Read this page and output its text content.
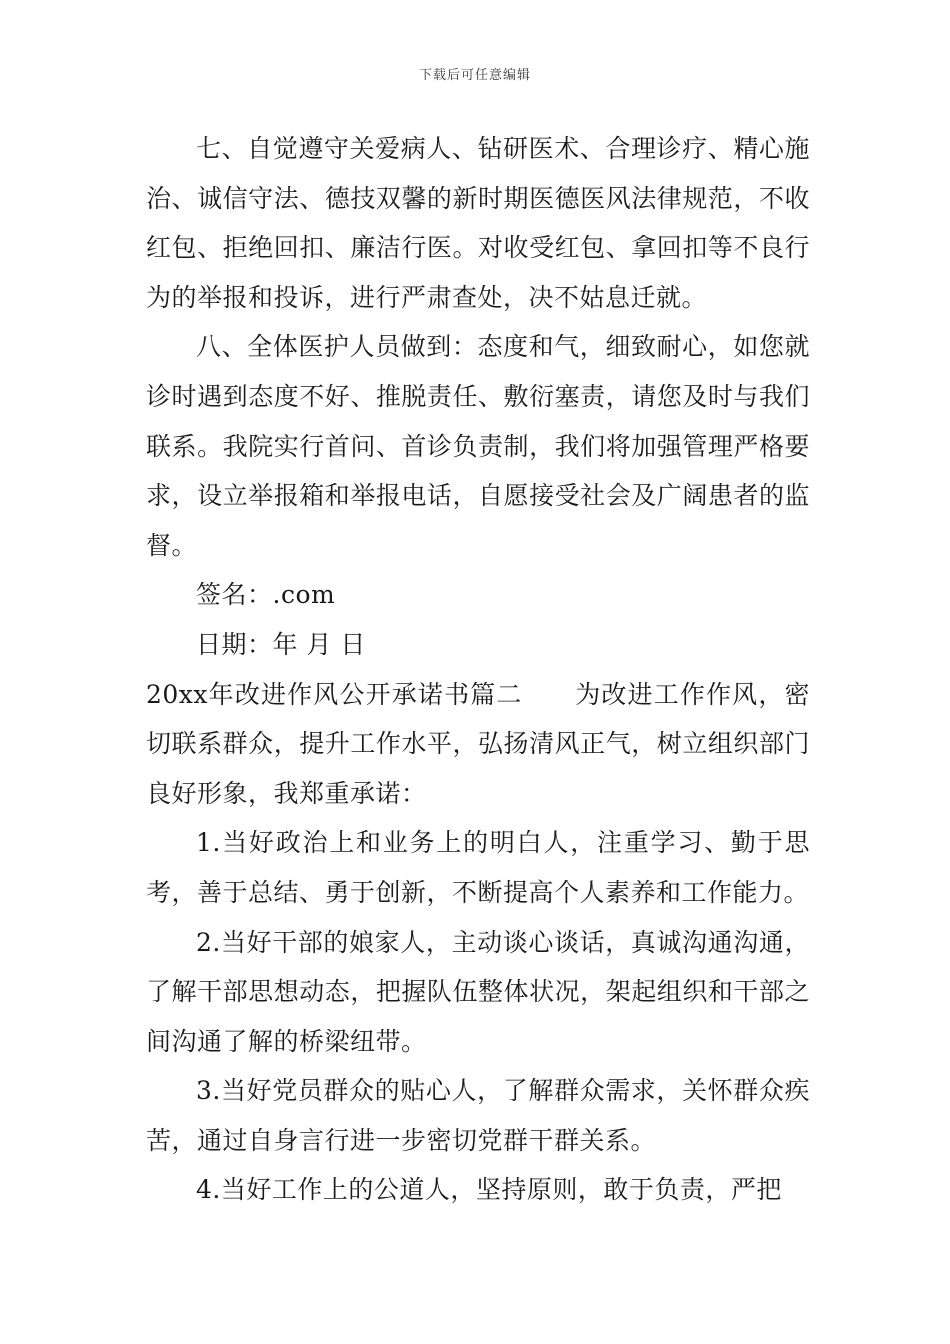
下载后可任意编辑

七、自觉遵守关爱病人、钻研医术、合理诊疗、精心施治、诚信守法、德技双馨的新时期医德医风法律规范，不收红包、拒绝回扣、廉洁行医。对收受红包、拿回扣等不良行为的举报和投诉，进行严肃查处，决不姑息迁就。

八、全体医护人员做到：态度和气，细致耐心，如您就诊时遇到态度不好、推脱责任、敷衍塞责，请您及时与我们联系。我院实行首问、首诊负责制，我们将加强管理严格要求，设立举报箱和举报电话，自愿接受社会及广阔患者的监督。

签名：.com

日期：年 月 日

20xx年改进作风公开承诺书篇二 为改进工作作风，密切联系群众，提升工作水平，弘扬清风正气，树立组织部门良好形象，我郑重承诺：

1.当好政治上和业务上的明白人，注重学习、勤于思考，善于总结、勇于创新，不断提高个人素养和工作能力。

2.当好干部的娘家人，主动谈心谈话，真诚沟通沟通，了解干部思想动态，把握队伍整体状况，架起组织和干部之间沟通了解的桥梁纽带。

3.当好党员群众的贴心人，了解群众需求，关怀群众疾苦，通过自身言行进一步密切党群干群关系。

4.当好工作上的公道人，坚持原则，敢于负责，严把
